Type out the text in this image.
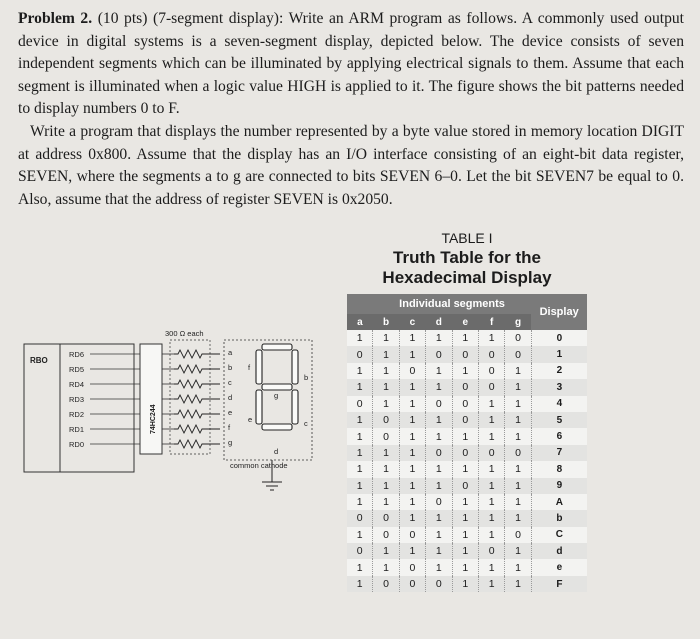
Problem 2. (10 pts) (7-segment display): Write an ARM program as follows. A commonly used output device in digital systems is a seven-segment display, depicted below. The device consists of seven independent segments which can be illuminated by applying electrical signals to them. Assume that each segment is illuminated when a logic value HIGH is applied to it. The figure shows the bit patterns needed to display numbers 0 to F.

Write a program that displays the number represented by a byte value stored in memory location DIGIT at address 0x800. Assume that the display has an I/O interface consisting of an eight-bit data register, SEVEN, where the segments a to g are connected to bits SEVEN 6–0. Let the bit SEVEN7 be equal to 0. Also, assume that the address of register SEVEN is 0x2050.

RBO
RD6
RD5
RD4
RD3
RD2
RD1
RD0
74HC244
300 Ω each
a
b
c
d
e
f
g
f
b
g
e	c
d
common cathode
TABLE I
Truth Table for the
Hexadecimal Display
	Individual segments						Display
a	b	c	d	e	f	g	
1	1	1	1	1	1	0	0
0	1	1	0	0	0	0	1
1	1	0	1	1	0	1	2
1	1	1	1	0	0	1	3
0	1	1	0	0	1	1	4
1	0	1	1	0	1	1	5
1	0	1	1	1	1	1	6
1	1	1	0	0	0	0	7
1	1	1	1	1	1	1	8
1	1	1	1	0	1	1	9
1	1	1	0	1	1	1	A
0	0	1	1	1	1	1	b
1	0	0	1	1	1	0	C
0	1	1	1	1	0	1	d
1	1	0	1	1	1	1	e
1	0	0	0	1	1	1	F
